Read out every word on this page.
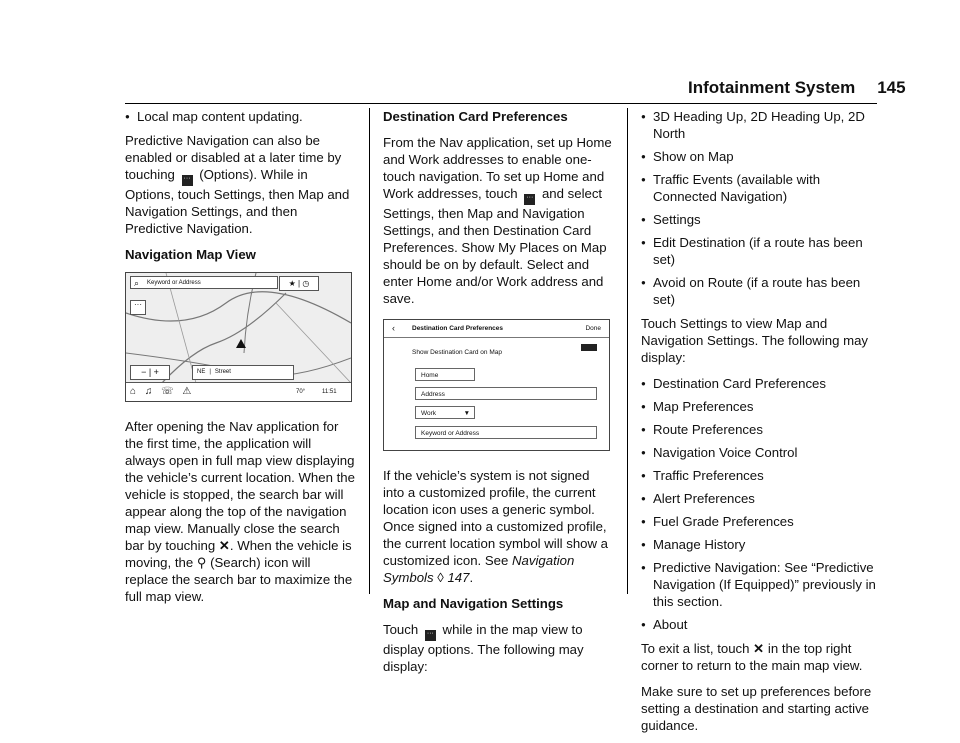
Infotainment System 145
● Local map content updating.

Predictive Navigation can also be enabled or disabled at a later time by touching ··· (Options). While in Options, touch Settings, then Map and Navigation Settings, and then Predictive Navigation.

Navigation Map View

⌕ Keyword or Address	★ | ◷
···
− | +	NE | Street
⌂ ♫ ☏ ⚠	70°	11:51

After opening the Nav application for the first time, the application will always open in full map view displaying the vehicle’s current location. When the vehicle is stopped, the search bar will appear along the top of the navigation map view. Manually close the search bar by touching ✕. When the vehicle is moving, the ⚲ (Search) icon will replace the search bar to maximize the full map view.

Destination Card Preferences

From the Nav application, set up Home and Work addresses to enable one-touch navigation. To set up Home and Work addresses, touch ··· and select Settings, then Map and Navigation Settings, and then Destination Card Preferences. Show My Places on Map should be on by default. Select and enter Home and/or Work address and save.

‹	Destination Card Preferences	Done
Show Destination Card on Map
Home
Address
Work	▼
Keyword or Address

If the vehicle’s system is not signed into a customized profile, the current location icon uses a generic symbol. Once signed into a customized profile, the current location symbol will show a customized icon. See Navigation Symbols ◊ 147.

Map and Navigation Settings

Touch ··· while in the map view to display options. The following may display:

● 3D Heading Up, 2D Heading Up, 2D North
● Show on Map
● Traffic Events (available with Connected Navigation)
● Settings
● Edit Destination (if a route has been set)
● Avoid on Route (if a route has been set)

Touch Settings to view Map and Navigation Settings. The following may display:

● Destination Card Preferences
● Map Preferences
● Route Preferences
● Navigation Voice Control
● Traffic Preferences
● Alert Preferences
● Fuel Grade Preferences
● Manage History
● Predictive Navigation: See “Predictive Navigation (If Equipped)” previously in this section.
● About

To exit a list, touch ✕ in the top right corner to return to the main map view.

Make sure to set up preferences before setting a destination and starting active guidance.
